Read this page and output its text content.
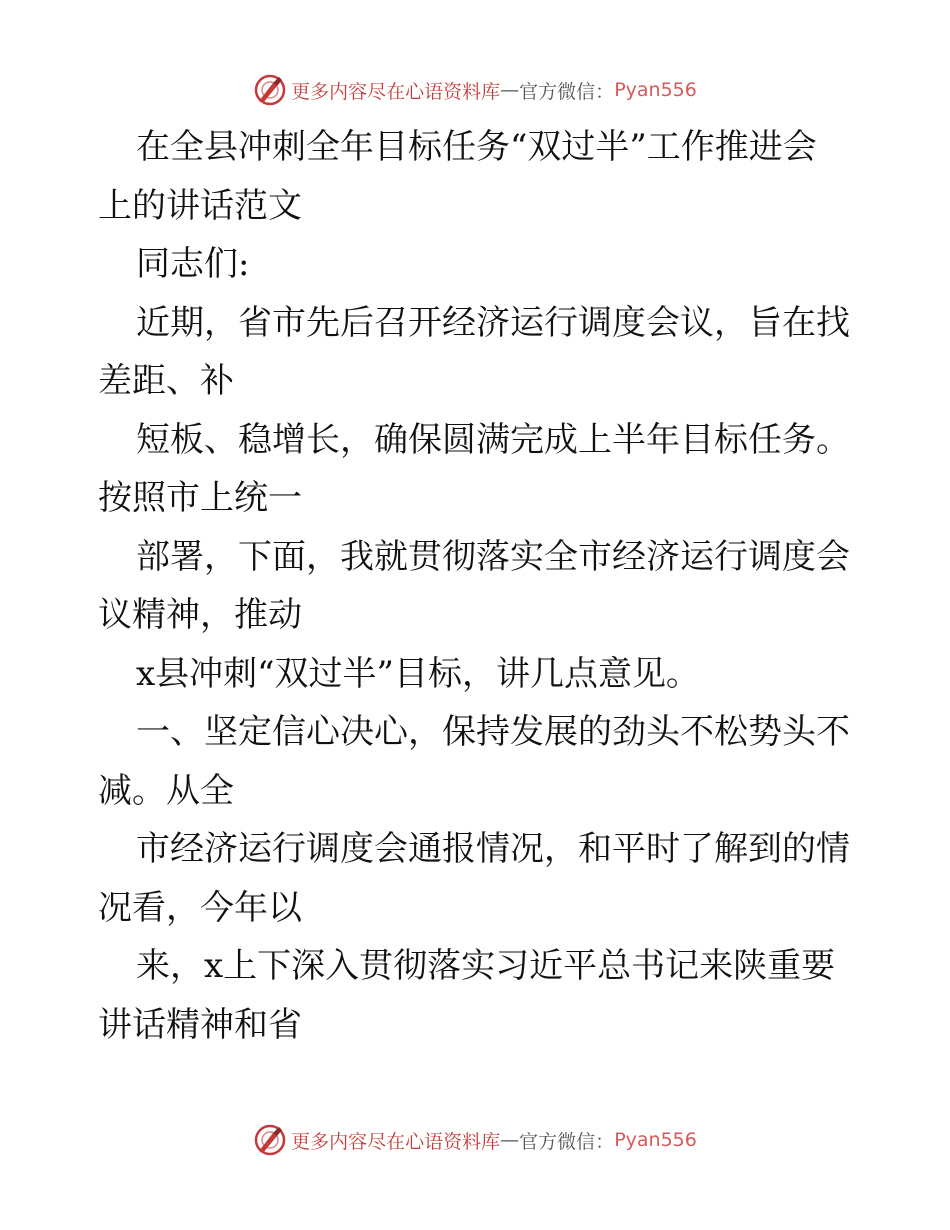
更多内容尽在心语资料库 — 官方微信： Pyan556
在全县冲刺全年目标任务“双过半”工作推进会
上的讲话范文
同志们:
近期，省市先后召开经济运行调度会议，旨在找
差距、补
短板、稳增长，确保圆满完成上半年目标任务。
按照市上统一
部署，下面，我就贯彻落实全市经济运行调度会
议精神，推动
x县冲刺“双过半”目标，讲几点意见。
一、坚定信心决心，保持发展的劲头不松势头不
减。从全
市经济运行调度会通报情况，和平时了解到的情
况看，今年以
来，x上下深入贯彻落实习近平总书记来陕重要
讲话精神和省
更多内容尽在心语资料库 — 官方微信： Pyan556
